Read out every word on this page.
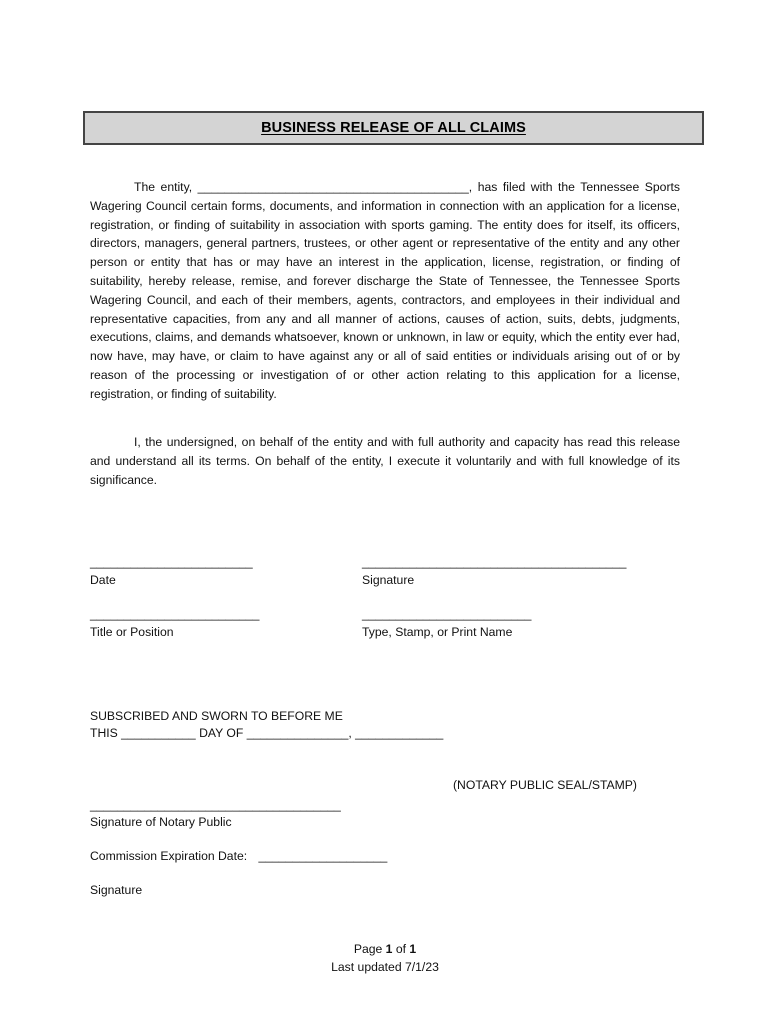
BUSINESS RELEASE OF ALL CLAIMS

The entity, ________________________________________, has filed with the Tennessee Sports Wagering Council certain forms, documents, and information in connection with an application for a license, registration, or finding of suitability in association with sports gaming. The entity does for itself, its officers, directors, managers, general partners, trustees, or other agent or representative of the entity and any other person or entity that has or may have an interest in the application, license, registration, or finding of suitability, hereby release, remise, and forever discharge the State of Tennessee, the Tennessee Sports Wagering Council, and each of their members, agents, contractors, and employees in their individual and representative capacities, from any and all manner of actions, causes of action, suits, debts, judgments, executions, claims, and demands whatsoever, known or unknown, in law or equity, which the entity ever had, now have, may have, or claim to have against any or all of said entities or individuals arising out of or by reason of the processing or investigation of or other action relating to this application for a license, registration, or finding of suitability.

I, the undersigned, on behalf of the entity and with full authority and capacity has read this release and understand all its terms. On behalf of the entity, I execute it voluntarily and with full knowledge of its significance.

________________________
Date
_______________________________________
Signature
_________________________
Title or Position
_________________________
Type, Stamp, or Print Name
SUBSCRIBED AND SWORN TO BEFORE ME
THIS ___________ DAY OF _______________, _____________
(NOTARY PUBLIC SEAL/STAMP)
_____________________________________
Signature of Notary Public
Commission Expiration Date: ___________________
Signature
Page 1 of 1
Last updated 7/1/23
